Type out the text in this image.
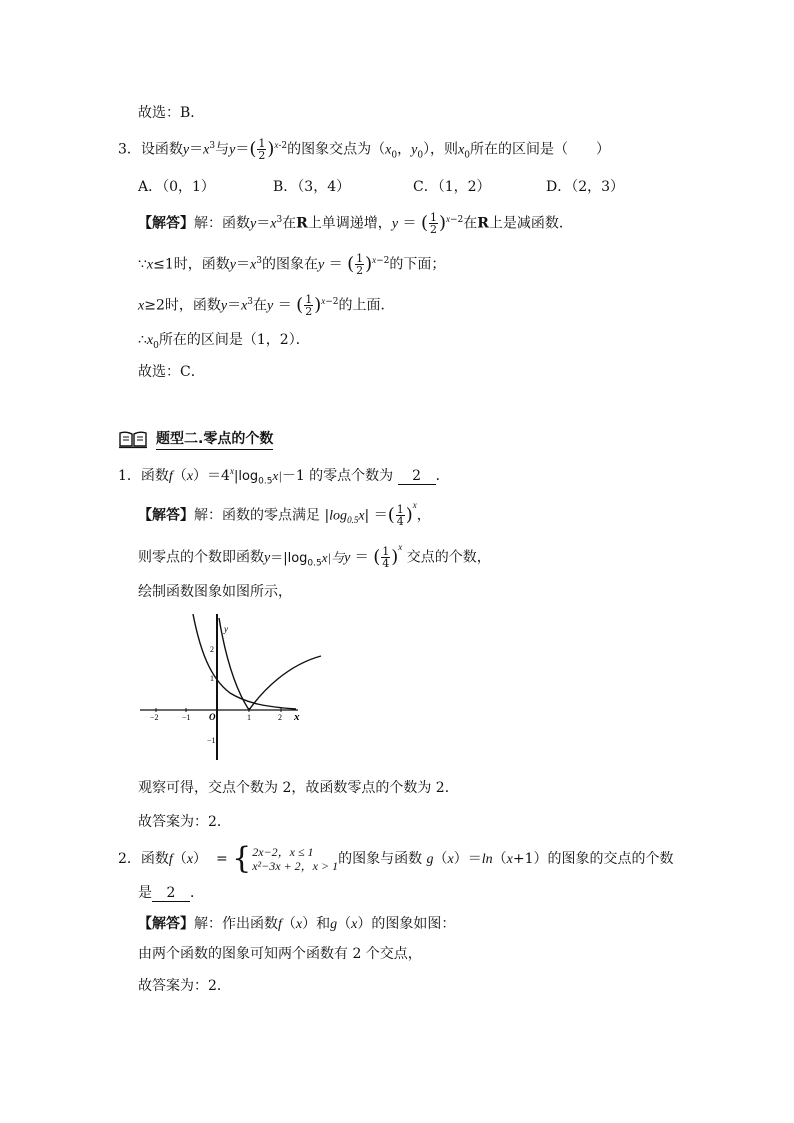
故选：B．
3．设函数$y=x^3$与$y=( \frac{1}{2} )^{x-2}$的图象交点为（$x_0$，$y_0$），则$x_0$所在的区间是（　　）
A．（0，1）	B．（3，4）	C．（1，2）	D．（2，3）
【解答】解：函数$y=x^3$在R上单调递增，y ＝ ( $\frac{1}{2} )^{x-2}$在R上是减函数．
∵x≤1时，函数$y=x^3$的图象在y ＝ ( $\frac{1}{2} )^{x-2}$的下面；
x≥2时，函数$y=x^3$在y ＝ ( $\frac{1}{2} )^{x-2}$的上面．
$\therefore x_0$所在的区间是（1，2）．
故选：C．
题型二.零点的个数
1．函数$f(x)=4^x|\log_{0.5}x|-1$ 的零点个数为 2 ．
【解答】解：函数的零点满足 $|\log_{0.5}x|$ ＝( $\frac{1}{4} )^x$，
则零点的个数即函数$y=|\log_{0.5}x|$与y ＝ ( $\frac{1}{4} )^x$ 交点的个数，
绘制函数图象如图所示，
−2	−1	1	2
2
1
−1
O	x
y
观察可得，交点个数为 2，故函数零点的个数为 2．
故答案为：2．
2．函数f（x） = { 2x−2，x ≤ 1
x²−3x + 2，x > 1 的图象与函数 g（x）＝ln（x+1）的图象的交点的个数
是 2 ．
【解答】解：作出函数f（x）和g（x）的图象如图：
由两个函数的图象可知两个函数有 2 个交点，
故答案为：2．
